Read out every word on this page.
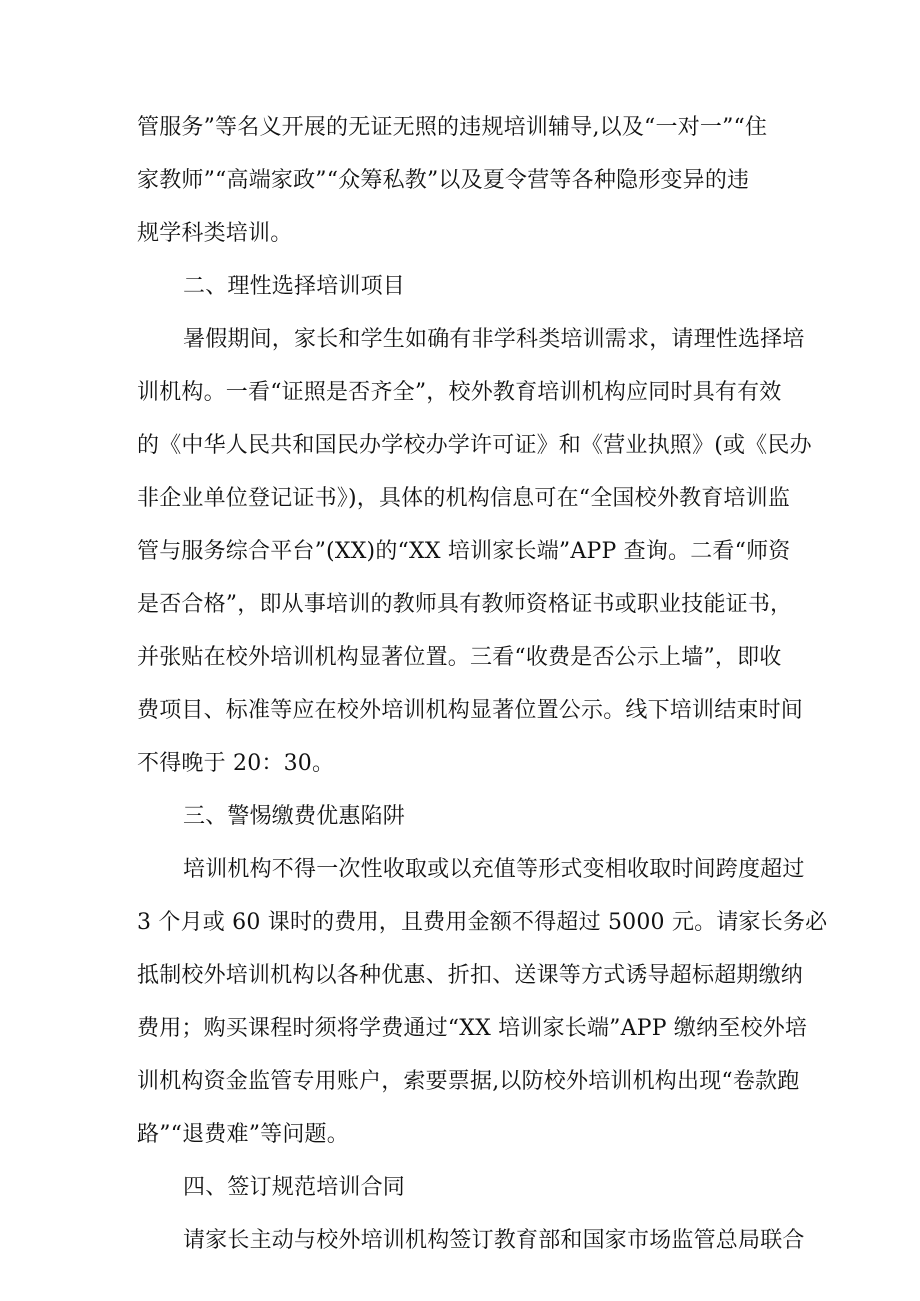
管服务”等名义开展的无证无照的违规培训辅导,以及“一对一”“住
家教师”“高端家政”“众筹私教”以及夏令营等各种隐形变异的违
规学科类培训。
二、理性选择培训项目
暑假期间，家长和学生如确有非学科类培训需求，请理性选择培
训机构。一看“证照是否齐全”，校外教育培训机构应同时具有有效
的《中华人民共和国民办学校办学许可证》和《营业执照》(或《民办
非企业单位登记证书》)，具体的机构信息可在“全国校外教育培训监
管与服务综合平台”(XX)的“XX 培训家长端”APP 查询。二看“师资
是否合格”，即从事培训的教师具有教师资格证书或职业技能证书，
并张贴在校外培训机构显著位置。三看“收费是否公示上墙”，即收
费项目、标准等应在校外培训机构显著位置公示。线下培训结束时间
不得晚于 20：30。
三、警惕缴费优惠陷阱
培训机构不得一次性收取或以充值等形式变相收取时间跨度超过
3 个月或 60 课时的费用，且费用金额不得超过 5000 元。请家长务必
抵制校外培训机构以各种优惠、折扣、送课等方式诱导超标超期缴纳
费用；购买课程时须将学费通过“XX 培训家长端”APP 缴纳至校外培
训机构资金监管专用账户，索要票据,以防校外培训机构出现“卷款跑
路”“退费难”等问题。
四、签订规范培训合同
请家长主动与校外培训机构签订教育部和国家市场监管总局联合
